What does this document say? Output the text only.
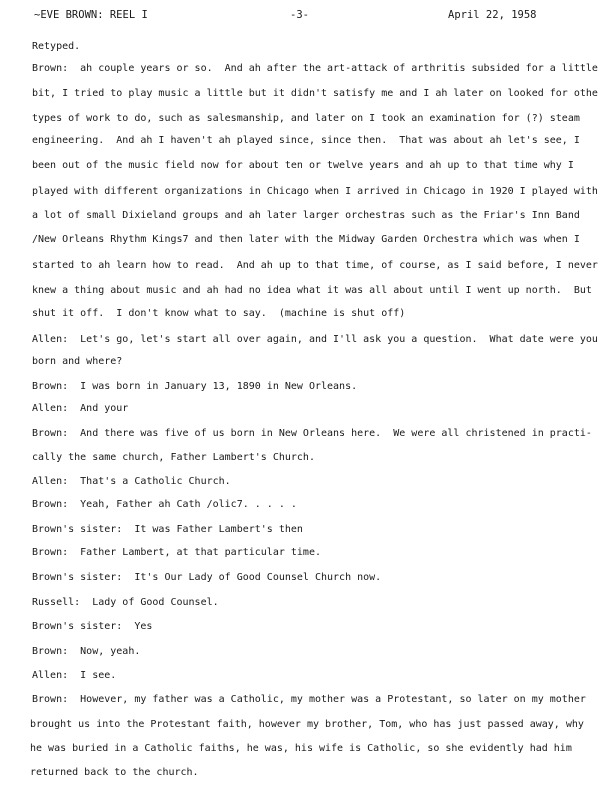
~EVE BROWN: REEL I	-3-	April 22, 1958
Retyped.
Brown:  ah couple years or so.  And ah after the art-attack of arthritis subsided for a little
bit, I tried to play music a little but it didn't satisfy me and I ah later on looked for othe
types of work to do, such as salesmanship, and later on I took an examination for (?) steam
engineering.  And ah I haven't ah played since, since then.  That was about ah let's see, I
been out of the music field now for about ten or twelve years and ah up to that time why I
played with different organizations in Chicago when I arrived in Chicago in 1920 I played with
a lot of small Dixieland groups and ah later larger orchestras such as the Friar's Inn Band
/New Orleans Rhythm Kings7 and then later with the Midway Garden Orchestra which was when I
started to ah learn how to read.  And ah up to that time, of course, as I said before, I never
knew a thing about music and ah had no idea what it was all about until I went up north.  But
shut it off.  I don't know what to say.  (machine is shut off)
Allen:  Let's go, let's start all over again, and I'll ask you a question.  What date were you
born and where?
Brown:  I was born in January 13, 1890 in New Orleans.
Allen:  And your
Brown:  And there was five of us born in New Orleans here.  We were all christened in practi-
cally the same church, Father Lambert's Church.
Allen:  That's a Catholic Church.
Brown:  Yeah, Father ah Cath /olic7. . . . .
Brown's sister:  It was Father Lambert's then
Brown:  Father Lambert, at that particular time.
Brown's sister:  It's Our Lady of Good Counsel Church now.
Russell:  Lady of Good Counsel.
Brown's sister:  Yes
Brown:  Now, yeah.
Allen:  I see.
Brown:  However, my father was a Catholic, my mother was a Protestant, so later on my mother
brought us into the Protestant faith, however my brother, Tom, who has just passed away, why
he was buried in a Catholic faiths, he was, his wife is Catholic, so she evidently had him
returned back to the church.
